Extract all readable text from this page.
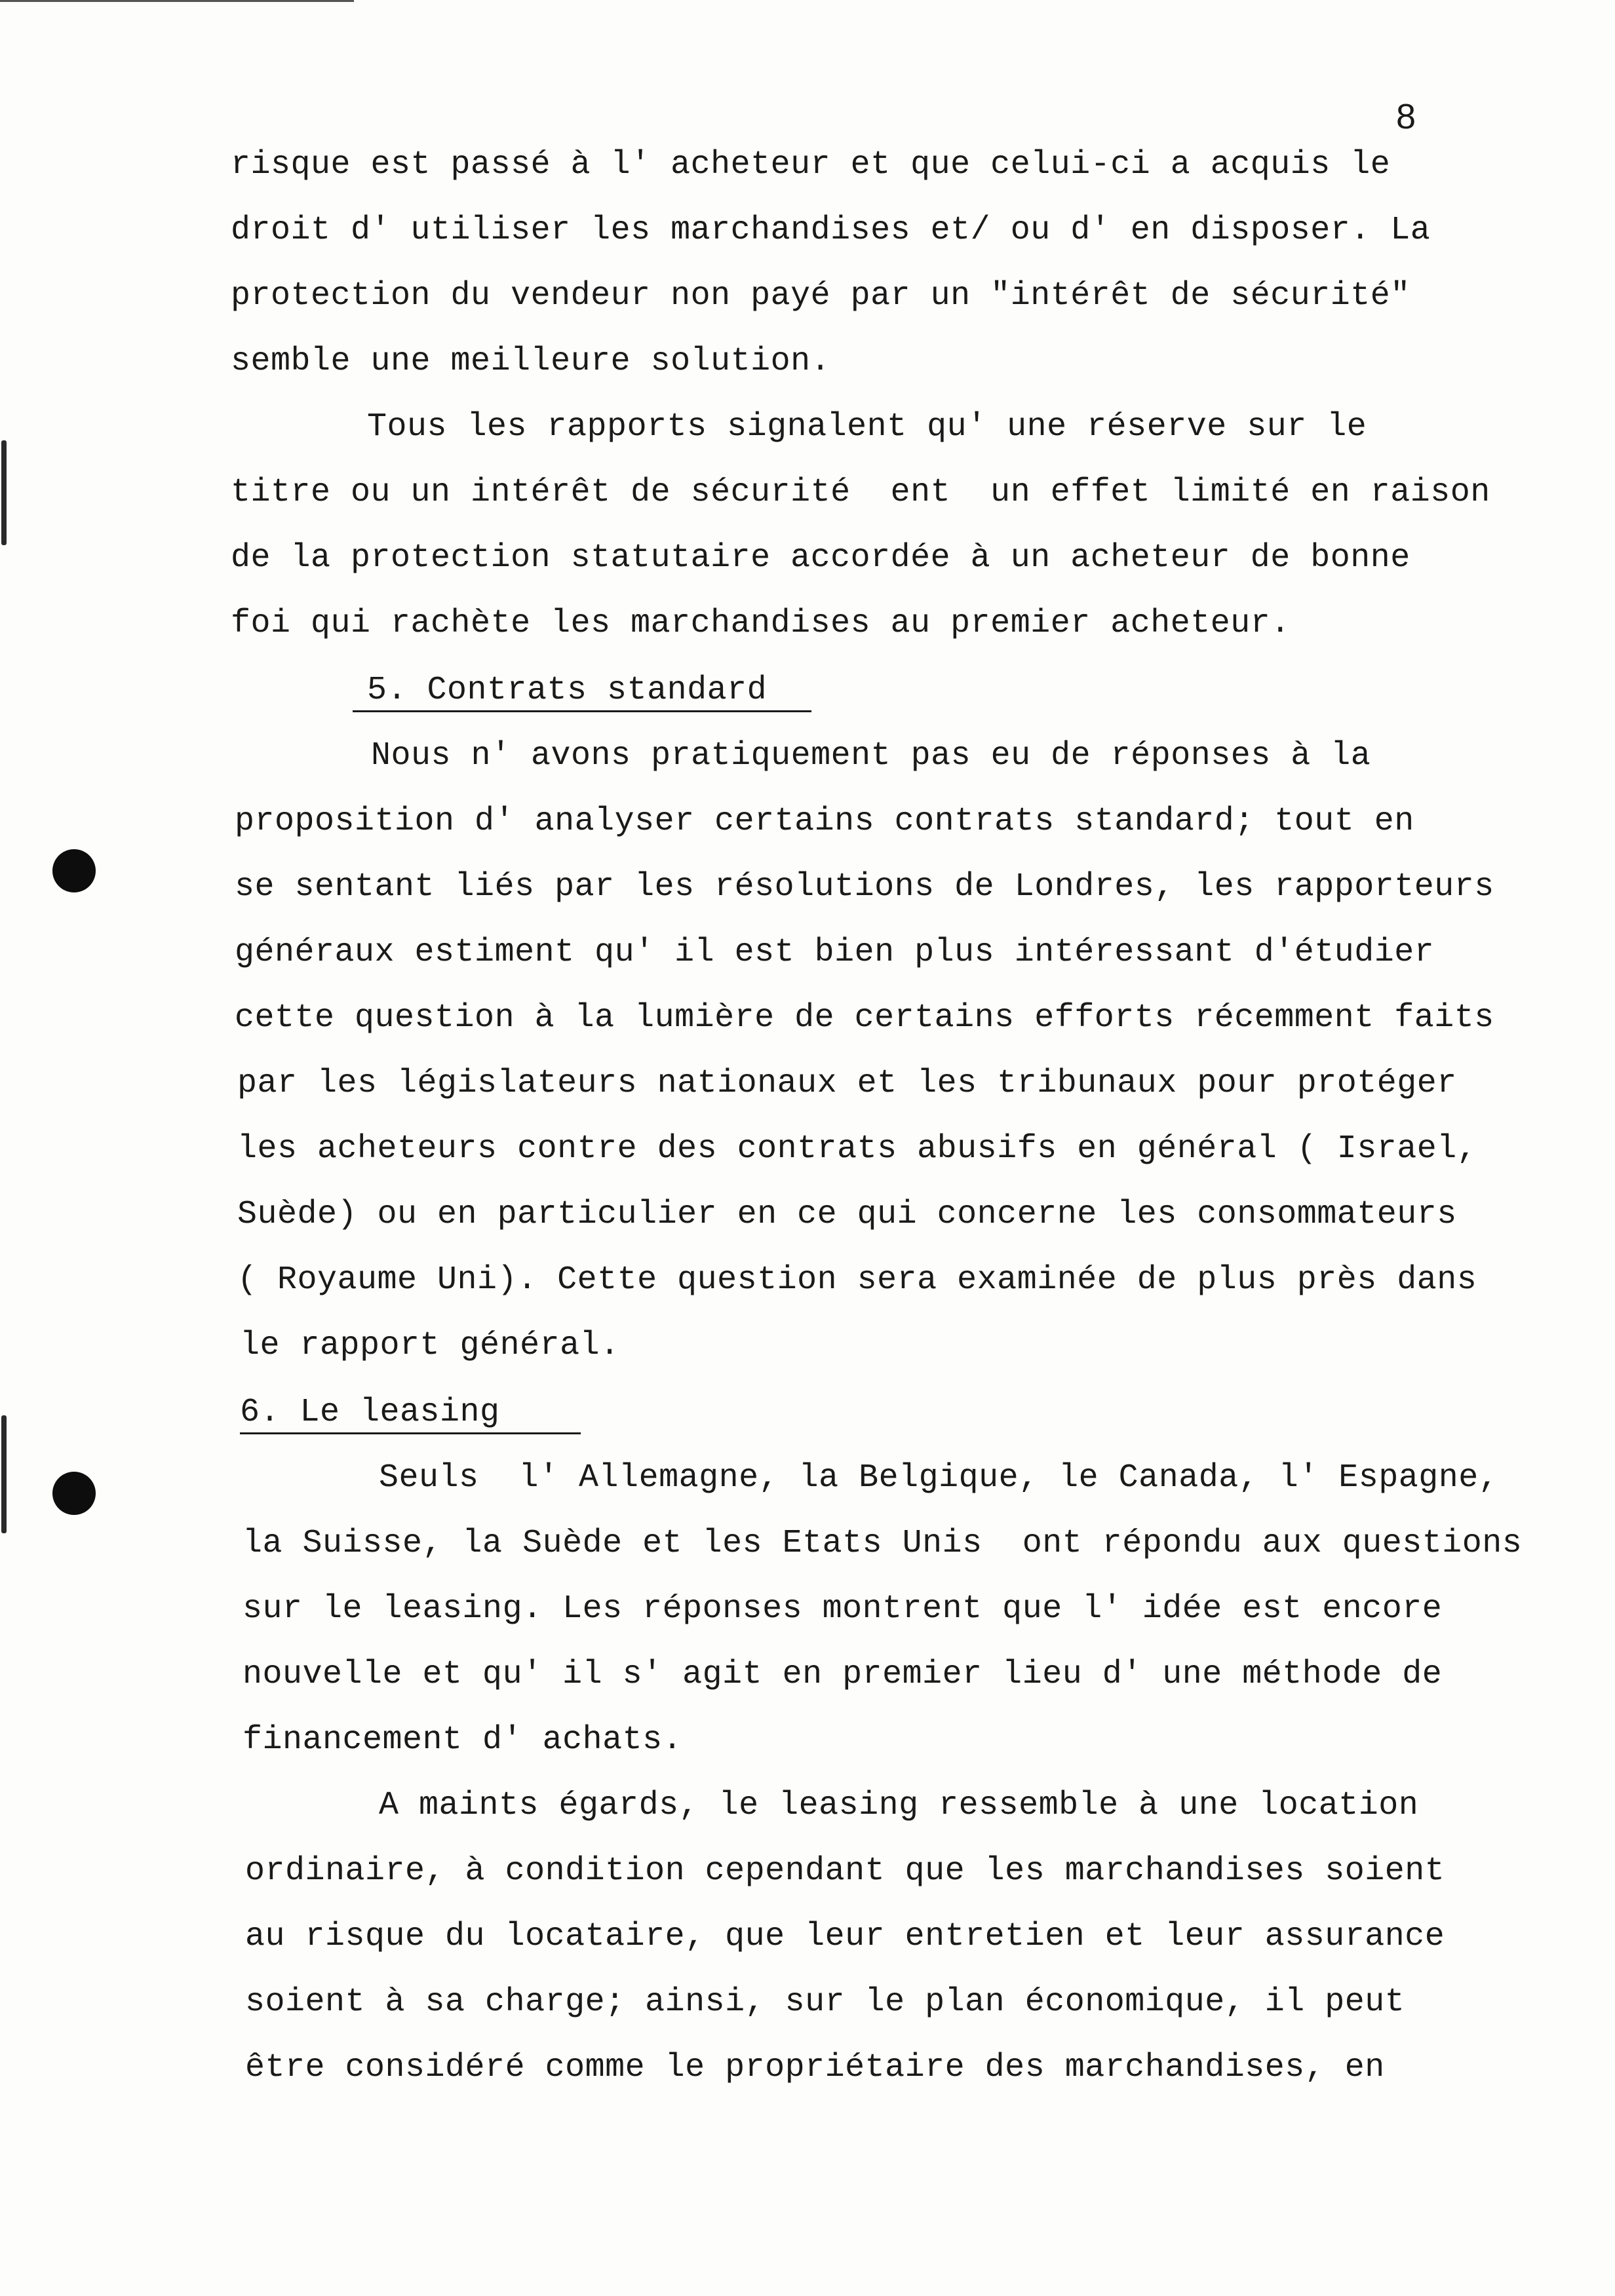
8
risque est passé à l' acheteur et que celui-ci a acquis le
droit d' utiliser les marchandises et/ ou d' en disposer. La
protection du vendeur non payé par un "intérêt de sécurité"
semble une meilleure solution.
Tous les rapports signalent qu' une réserve sur le
titre ou un intérêt de sécurité  ent  un effet limité en raison
de la protection statutaire accordée à un acheteur de bonne
foi qui rachète les marchandises au premier acheteur.
5. Contrats standard
Nous n' avons pratiquement pas eu de réponses à la
proposition d' analyser certains contrats standard; tout en
se sentant liés par les résolutions de Londres, les rapporteurs
généraux estiment qu' il est bien plus intéressant d'étudier
cette question à la lumière de certains efforts récemment faits
par les législateurs nationaux et les tribunaux pour protéger
les acheteurs contre des contrats abusifs en général ( Israel,
Suède) ou en particulier en ce qui concerne les consommateurs
( Royaume Uni). Cette question sera examinée de plus près dans
le rapport général.
6. Le leasing
Seuls  l' Allemagne, la Belgique, le Canada, l' Espagne,
la Suisse, la Suède et les Etats Unis  ont répondu aux questions
sur le leasing. Les réponses montrent que l' idée est encore
nouvelle et qu' il s' agit en premier lieu d' une méthode de
financement d' achats.
A maints égards, le leasing ressemble à une location
ordinaire, à condition cependant que les marchandises soient
au risque du locataire, que leur entretien et leur assurance
soient à sa charge; ainsi, sur le plan économique, il peut
être considéré comme le propriétaire des marchandises, en
